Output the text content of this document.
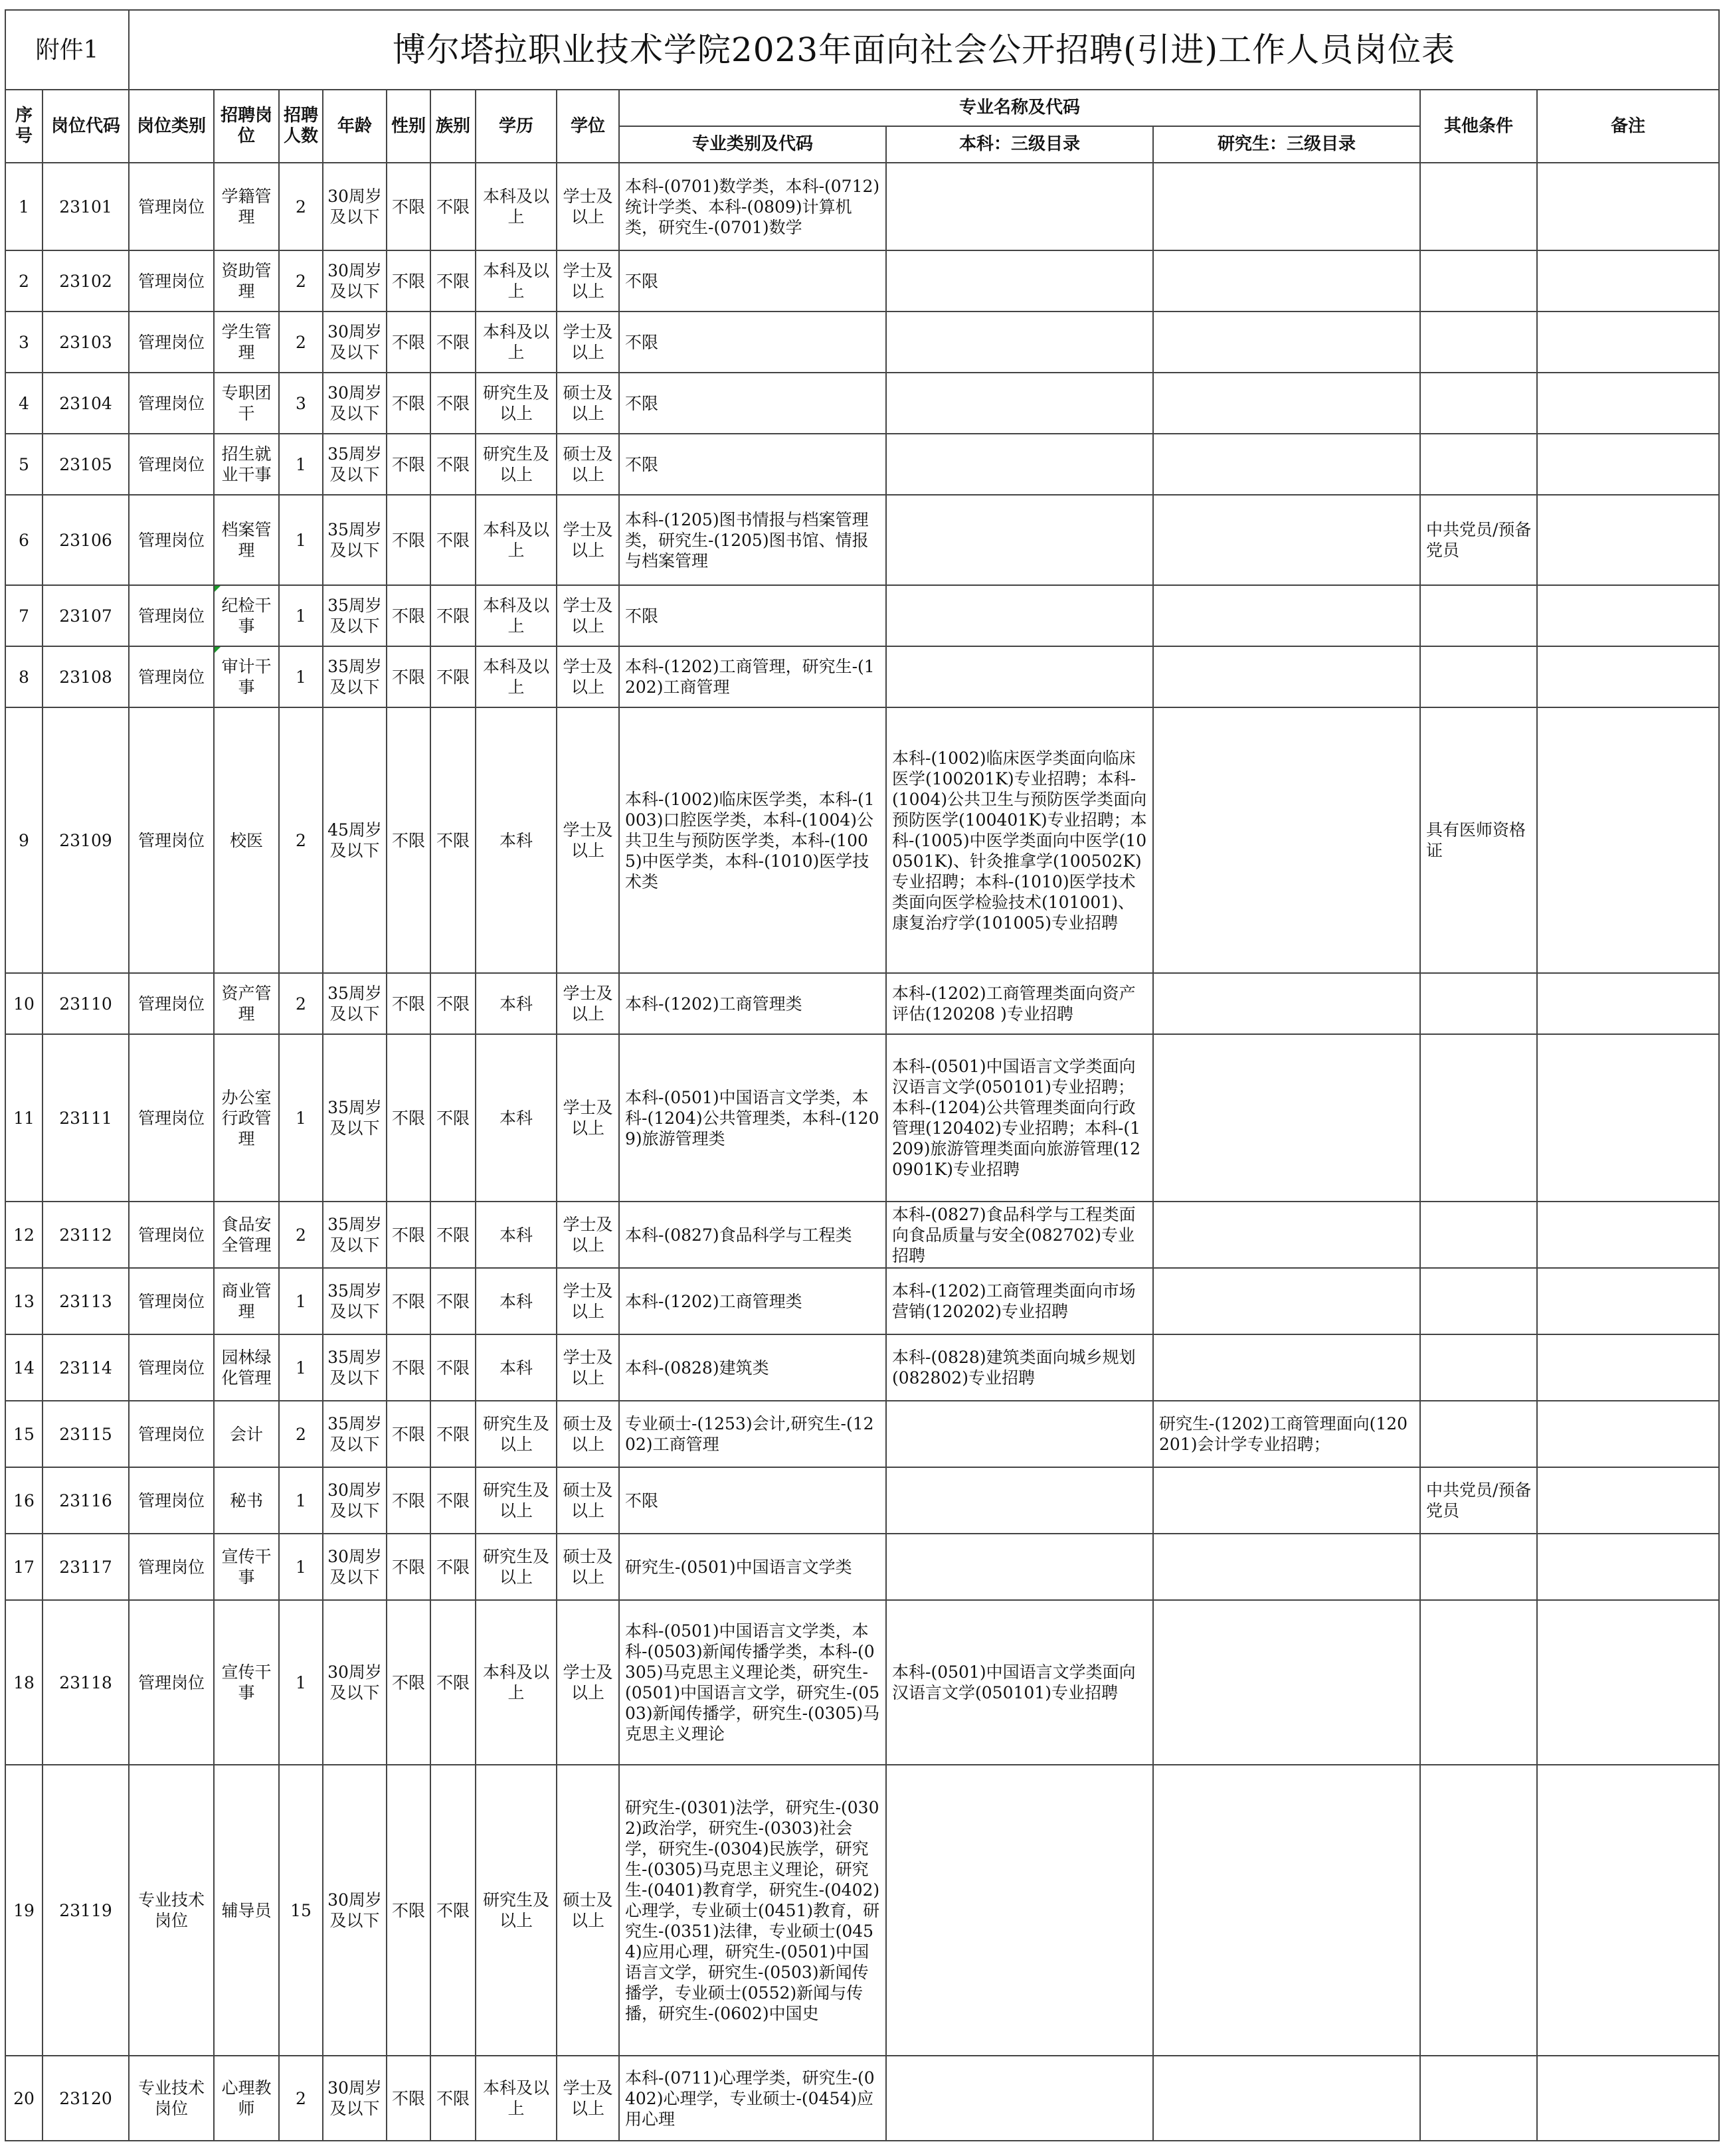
附件1		博尔塔拉职业技术学院2023年面向社会公开招聘(引进)工作人员岗位表												
序号	岗位代码	岗位类别	招聘岗位	招聘人数	年龄	性别	族别	学历	学位	专业名称及代码			其他条件	备注
										专业类别及代码	本科：三级目录	研究生：三级目录		
1	23101	管理岗位	学籍管理	2	30周岁及以下	不限	不限	本科及以上	学士及以上	本科-(0701)数学类，本科-(0712)统计学类、本科-(0809)计算机类，研究生-(0701)数学				
2	23102	管理岗位	资助管理	2	30周岁及以下	不限	不限	本科及以上	学士及以上	不限				
3	23103	管理岗位	学生管理	2	30周岁及以下	不限	不限	本科及以上	学士及以上	不限				
4	23104	管理岗位	专职团干	3	30周岁及以下	不限	不限	研究生及以上	硕士及以上	不限				
5	23105	管理岗位	招生就业干事	1	35周岁及以下	不限	不限	研究生及以上	硕士及以上	不限				
6	23106	管理岗位	档案管理	1	35周岁及以下	不限	不限	本科及以上	学士及以上	本科-(1205)图书情报与档案管理类，研究生-(1205)图书馆、情报与档案管理			中共党员/预备党员	
7	23107	管理岗位	纪检干事	1	35周岁及以下	不限	不限	本科及以上	学士及以上	不限				
8	23108	管理岗位	审计干事	1	35周岁及以下	不限	不限	本科及以上	学士及以上	本科-(1202)工商管理，研究生-(1202)工商管理				
9	23109	管理岗位	校医	2	45周岁及以下	不限	不限	本科	学士及以上	本科-(1002)临床医学类，本科-(1003)口腔医学类，本科-(1004)公共卫生与预防医学类，本科-(1005)中医学类，本科-(1010)医学技术类	本科-(1002)临床医学类面向临床医学(100201K)专业招聘；本科-(1004)公共卫生与预防医学类面向预防医学(100401K)专业招聘；本科-(1005)中医学类面向中医学(100501K)、针灸推拿学(100502K)专业招聘；本科-(1010)医学技术类面向医学检验技术(101001)、康复治疗学(101005)专业招聘		具有医师资格证	
10	23110	管理岗位	资产管理	2	35周岁及以下	不限	不限	本科	学士及以上	本科-(1202)工商管理类	本科-(1202)工商管理类面向资产评估(120208 )专业招聘			
11	23111	管理岗位	办公室行政管理	1	35周岁及以下	不限	不限	本科	学士及以上	本科-(0501)中国语言文学类，本科-(1204)公共管理类，本科-(1209)旅游管理类	本科-(0501)中国语言文学类面向汉语言文学(050101)专业招聘；本科-(1204)公共管理类面向行政管理(120402)专业招聘；本科-(1209)旅游管理类面向旅游管理(120901K)专业招聘			
12	23112	管理岗位	食品安全管理	2	35周岁及以下	不限	不限	本科	学士及以上	本科-(0827)食品科学与工程类	本科-(0827)食品科学与工程类面向食品质量与安全(082702)专业招聘			
13	23113	管理岗位	商业管理	1	35周岁及以下	不限	不限	本科	学士及以上	本科-(1202)工商管理类	本科-(1202)工商管理类面向市场营销(120202)专业招聘			
14	23114	管理岗位	园林绿化管理	1	35周岁及以下	不限	不限	本科	学士及以上	本科-(0828)建筑类	本科-(0828)建筑类面向城乡规划(082802)专业招聘			
15	23115	管理岗位	会计	2	35周岁及以下	不限	不限	研究生及以上	硕士及以上	专业硕士-(1253)会计,研究生-(1202)工商管理		研究生-(1202)工商管理面向(120201)会计学专业招聘；		
16	23116	管理岗位	秘书	1	30周岁及以下	不限	不限	研究生及以上	硕士及以上	不限			中共党员/预备党员	
17	23117	管理岗位	宣传干事	1	30周岁及以下	不限	不限	研究生及以上	硕士及以上	研究生-(0501)中国语言文学类				
18	23118	管理岗位	宣传干事	1	30周岁及以下	不限	不限	本科及以上	学士及以上	本科-(0501)中国语言文学类，本科-(0503)新闻传播学类，本科-(0305)马克思主义理论类，研究生-(0501)中国语言文学，研究生-(0503)新闻传播学，研究生-(0305)马克思主义理论	本科-(0501)中国语言文学类面向汉语言文学(050101)专业招聘			
19	23119	专业技术岗位	辅导员	15	30周岁及以下	不限	不限	研究生及以上	硕士及以上	研究生-(0301)法学，研究生-(0302)政治学，研究生-(0303)社会学，研究生-(0304)民族学，研究生-(0305)马克思主义理论，研究生-(0401)教育学，研究生-(0402)心理学，专业硕士(0451)教育，研究生-(0351)法律，专业硕士(0454)应用心理，研究生-(0501)中国语言文学，研究生-(0503)新闻传播学，专业硕士(0552)新闻与传播，研究生-(0602)中国史				
20	23120	专业技术岗位	心理教师	2	30周岁及以下	不限	不限	本科及以上	学士及以上	本科-(0711)心理学类，研究生-(0402)心理学，专业硕士-(0454)应用心理				
